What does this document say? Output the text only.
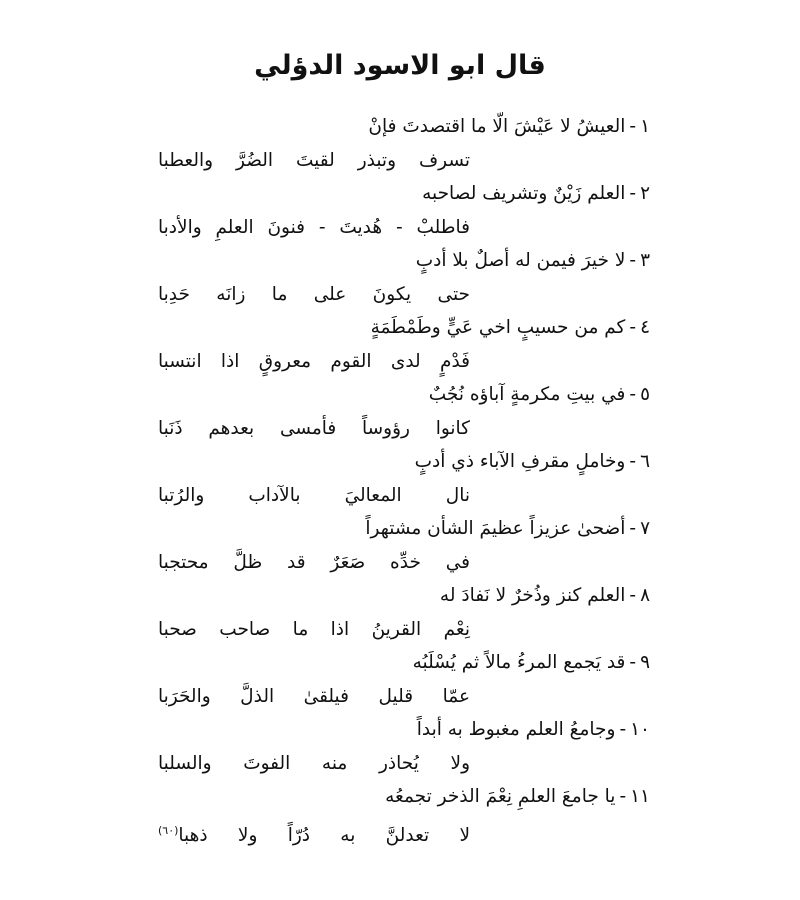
قال ابو الاسود الدؤلي
١-العيشُ لا عَيْشَ الّا ما اقتصدتَ فإنْ
تسرف وتبذر لقيتَ الضُرَّ والعطبا
٢-العلم زَيْنٌ وتشريف لصاحبه
فاطلبْ - هُديتَ - فنونَ العلمِ والأدبا
٣-لا خيرَ فيمن له أصلٌ بلا أدبٍ
حتى يكونَ على ما زانَه حَدِبا
٤-كم من حسيبٍ اخي عَيٍّ وطَمْطَمَةٍ
فَدْمٍ لدى القوم معروقٍ اذا انتسبا
٥-في بيتِ مكرمةٍ آباؤه نُجُبٌ
كانوا رؤوساً فأمسى بعدهم ذَنَبا
٦-وخاملٍ مقرفِ الآباء ذي أدبٍ
نال المعاليَ بالآداب والرُتبا
٧-أضحىٰ عزيزاً عظيمَ الشأن مشتهراً
في خدِّه صَعَرٌ قد ظلَّ محتجبا
٨-العلم كنز وذُخرٌ لا نَفادَ له
نِعْم القرينُ اذا ما صاحب صحبا
٩-قد يَجمع المرءُ مالاً ثم يُسْلَبُه
عمّا قليل فيلقىٰ الذلَّ والحَرَبا
١٠-وجامعُ العلم مغبوط به أبداً
ولا يُحاذر منه الفوتَ والسلبا
١١-يا جامعَ العلمِ نِعْمَ الذخر تجمعُه
لا تعدلنَّ به دُرّاً ولا ذهبا$^{(٦٠)}$
